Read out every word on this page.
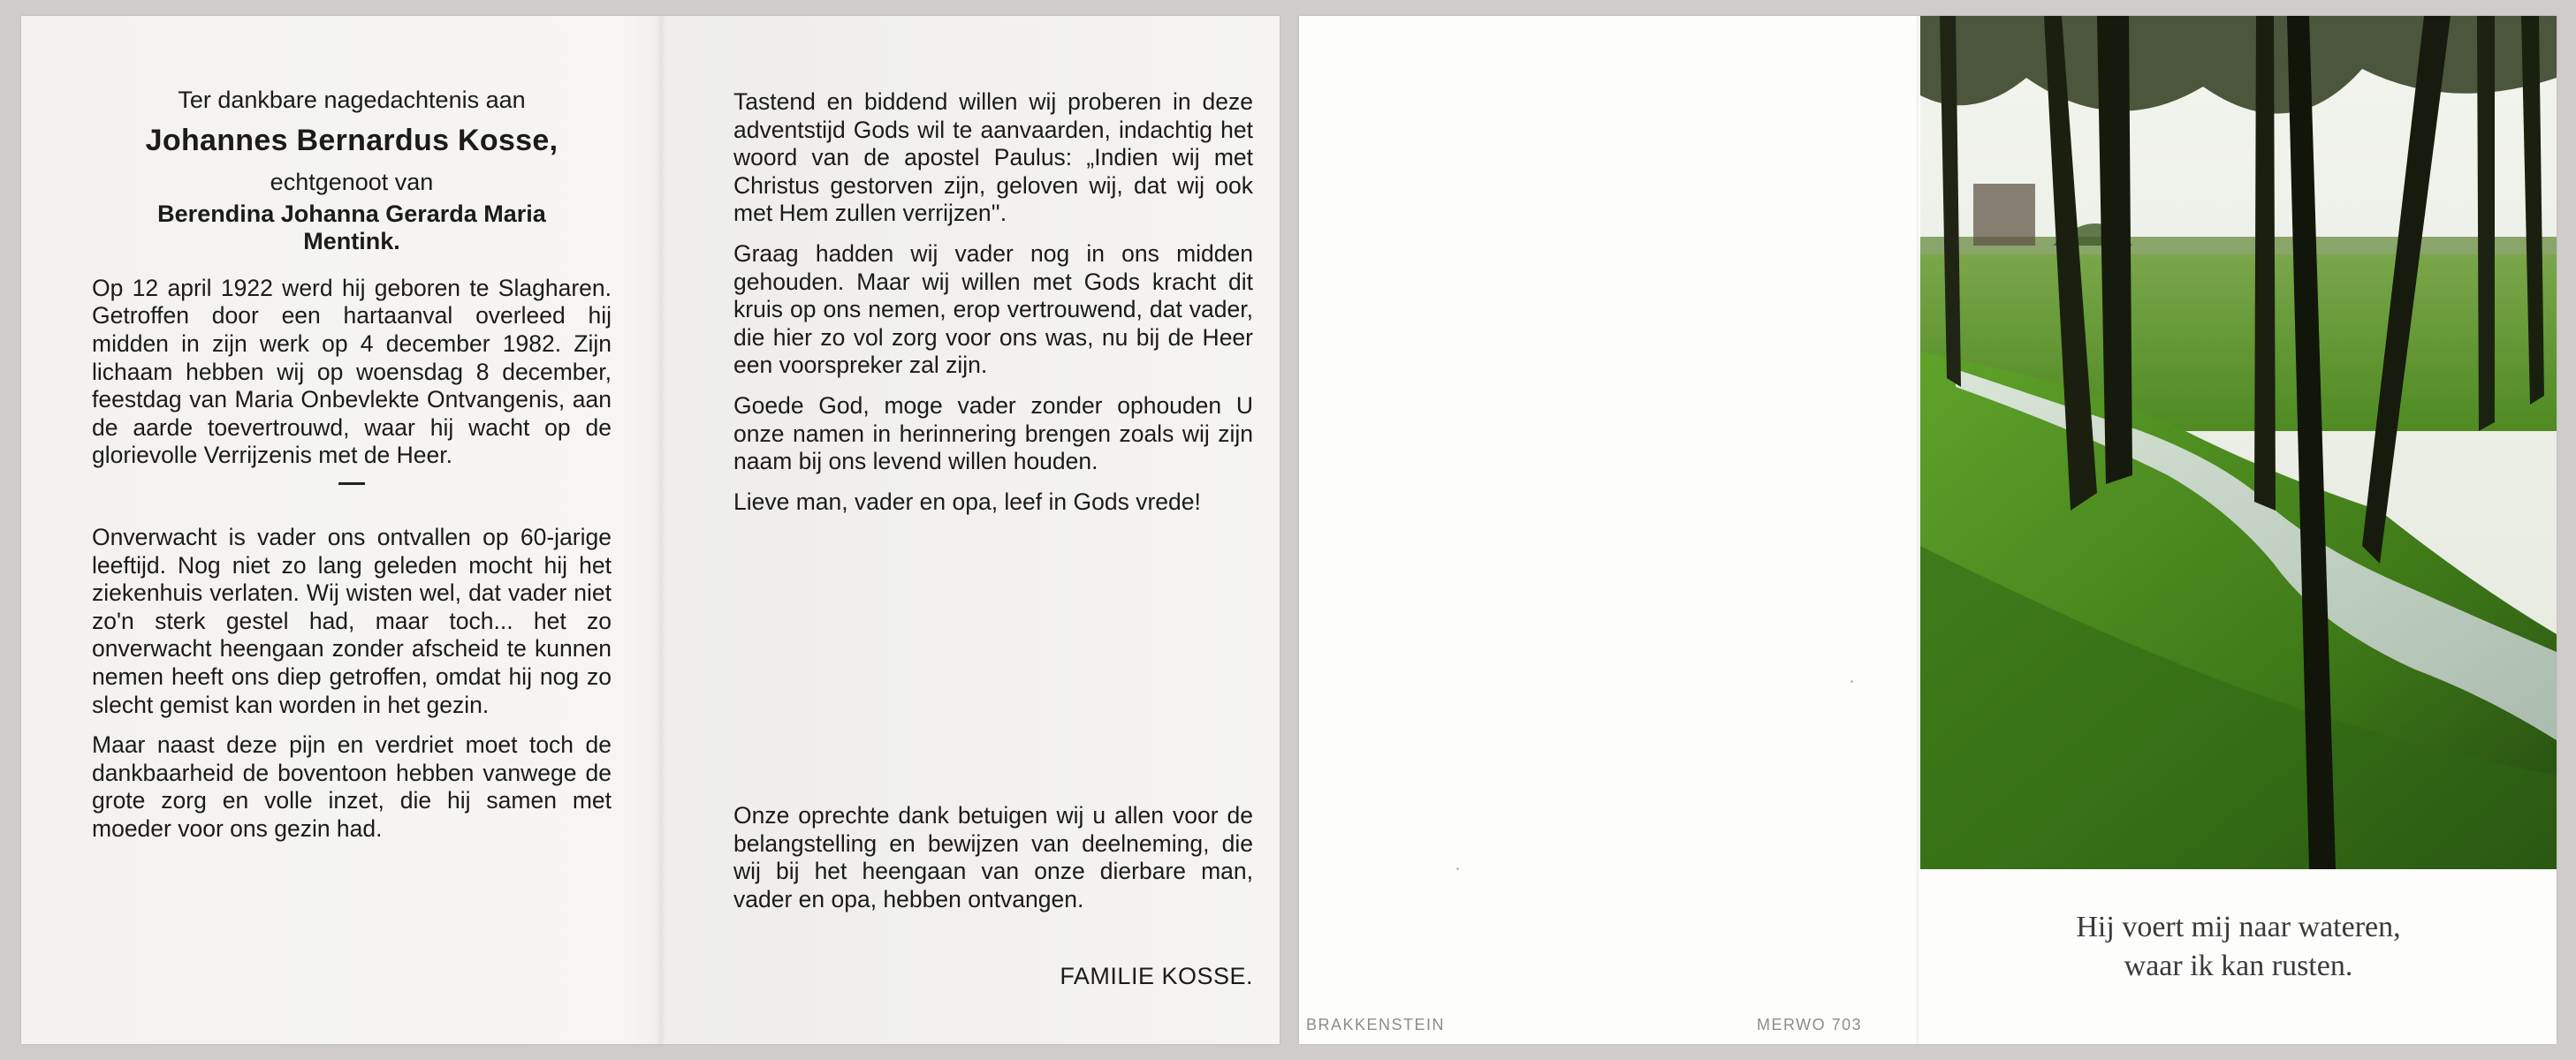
Ter dankbare nagedachtenis aan
Johannes Bernardus Kosse,
echtgenoot van
Berendina Johanna Gerarda Maria
Mentink.

Op 12 april 1922 werd hij geboren te Slagharen. Getroffen door een hartaanval overleed hij midden in zijn werk op 4 december 1982. Zijn lichaam hebben wij op woensdag 8 december, feestdag van Maria Onbevlekte Ontvangenis, aan de aarde toevertrouwd, waar hij wacht op de glorievolle Verrijzenis met de Heer.

Onverwacht is vader ons ontvallen op 60-jarige leeftijd. Nog niet zo lang geleden mocht hij het ziekenhuis verlaten. Wij wisten wel, dat vader niet zo'n sterk gestel had, maar toch... het zo onverwacht heengaan zonder afscheid te kunnen nemen heeft ons diep getroffen, omdat hij nog zo slecht gemist kan worden in het gezin.

Maar naast deze pijn en verdriet moet toch de dankbaarheid de boventoon hebben vanwege de grote zorg en volle inzet, die hij samen met moeder voor ons gezin had.

Tastend en biddend willen wij proberen in deze adventstijd Gods wil te aanvaarden, indachtig het woord van de apostel Paulus: „Indien wij met Christus gestorven zijn, geloven wij, dat wij ook met Hem zullen verrijzen''.

Graag hadden wij vader nog in ons midden gehouden. Maar wij willen met Gods kracht dit kruis op ons nemen, erop vertrouwend, dat vader, die hier zo vol zorg voor ons was, nu bij de Heer een voorspreker zal zijn.

Goede God, moge vader zonder ophouden U onze namen in herinnering brengen zoals wij zijn naam bij ons levend willen houden.

Lieve man, vader en opa, leef in Gods vrede!

Onze oprechte dank betuigen wij u allen voor de belangstelling en bewijzen van deelneming, die wij bij het heengaan van onze dierbare man, vader en opa, hebben ontvangen.

FAMILIE KOSSE.
Hij voert mij naar wateren,
waar ik kan rusten.
BRAKKENSTEIN	MERWO 703
